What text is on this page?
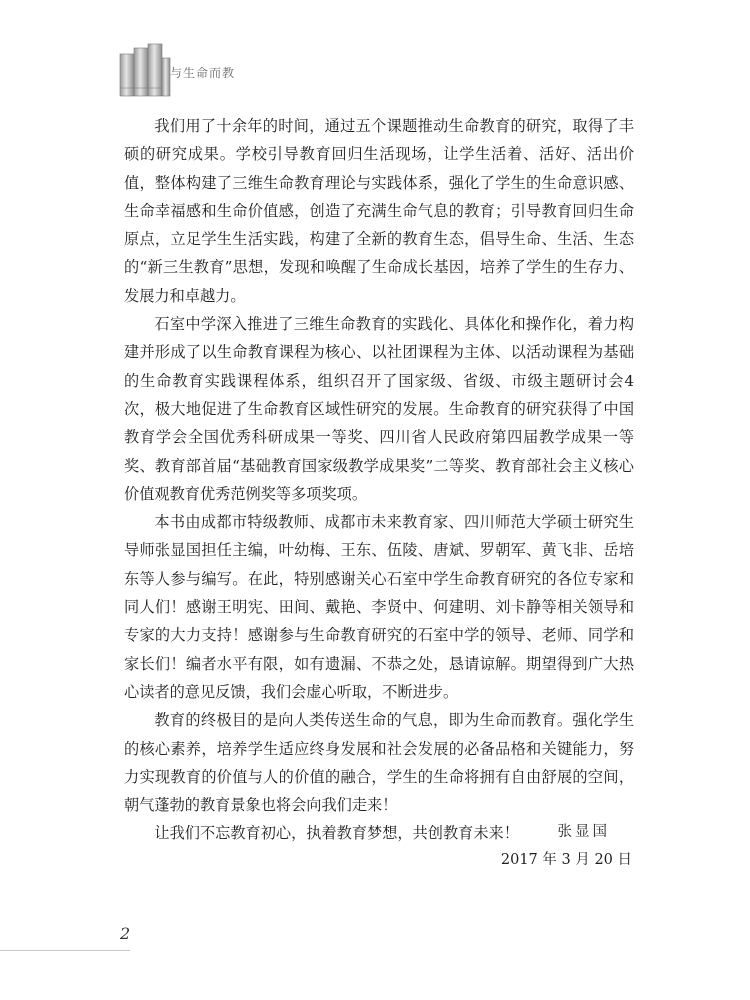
与生命而教

我们用了十余年的时间，通过五个课题推动生命教育的研究，取得了丰硕的研究成果。学校引导教育回归生活现场，让学生活着、活好、活出价值，整体构建了三维生命教育理论与实践体系，强化了学生的生命意识感、生命幸福感和生命价值感，创造了充满生命气息的教育；引导教育回归生命原点，立足学生生活实践，构建了全新的教育生态，倡导生命、生活、生态的“新三生教育”思想，发现和唤醒了生命成长基因，培养了学生的生存力、发展力和卓越力。

石室中学深入推进了三维生命教育的实践化、具体化和操作化，着力构建并形成了以生命教育课程为核心、以社团课程为主体、以活动课程为基础的生命教育实践课程体系，组织召开了国家级、省级、市级主题研讨会4次，极大地促进了生命教育区域性研究的发展。生命教育的研究获得了中国教育学会全国优秀科研成果一等奖、四川省人民政府第四届教学成果一等奖、教育部首届“基础教育国家级教学成果奖”二等奖、教育部社会主义核心价值观教育优秀范例奖等多项奖项。

本书由成都市特级教师、成都市未来教育家、四川师范大学硕士研究生导师张显国担任主编，叶幼梅、王东、伍陵、唐斌、罗朝军、黄飞非、岳培东等人参与编写。在此，特别感谢关心石室中学生命教育研究的各位专家和同人们！感谢王明宪、田间、戴艳、李贤中、何建明、刘卡静等相关领导和专家的大力支持！感谢参与生命教育研究的石室中学的领导、老师、同学和家长们！编者水平有限，如有遗漏、不恭之处，恳请谅解。期望得到广大热心读者的意见反馈，我们会虚心听取，不断进步。

教育的终极目的是向人类传送生命的气息，即为生命而教育。强化学生的核心素养，培养学生适应终身发展和社会发展的必备品格和关键能力，努力实现教育的价值与人的价值的融合，学生的生命将拥有自由舒展的空间，朝气蓬勃的教育景象也将会向我们走来！

让我们不忘教育初心，执着教育梦想，共创教育未来！	张显国
2017 年 3 月 20 日
2
